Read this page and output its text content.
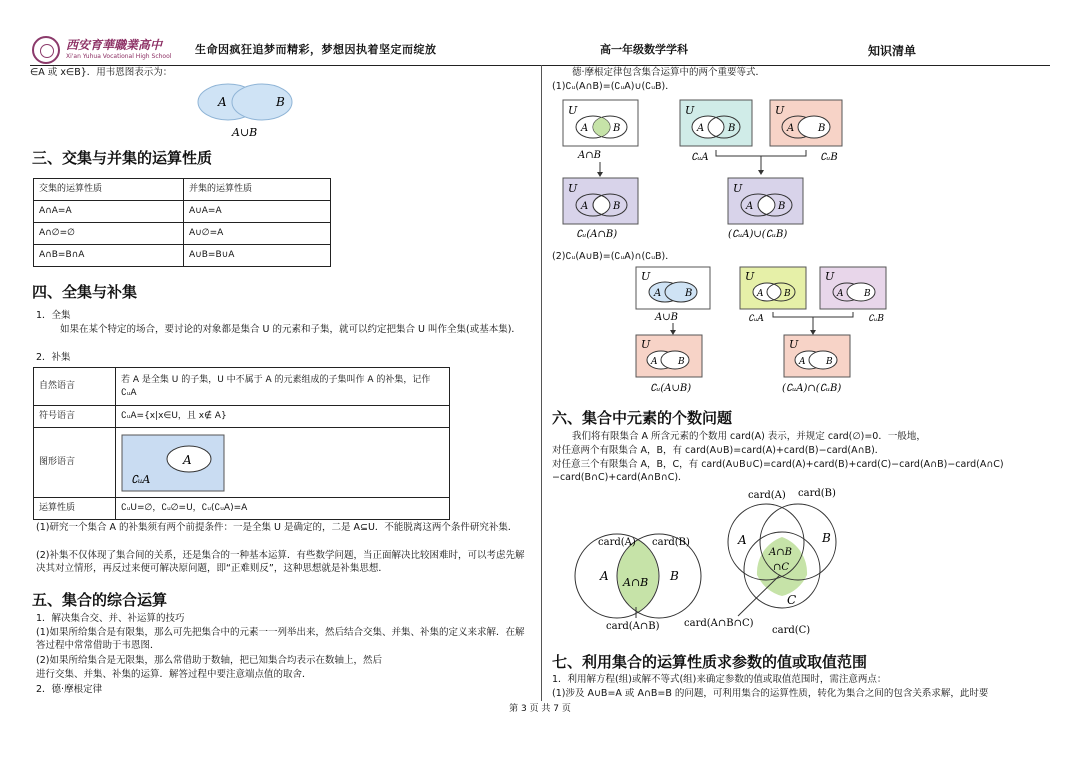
西安育華職業高中
Xi'an Yuhua Vocational High School
生命因疯狂追梦而精彩，梦想因执着坚定而绽放	高一年级数学学科	知识清单
∈A 或 x∈B}．用韦恩图表示为：
A	B
A∪B
三、交集与并集的运算性质
交集的运算性质	并集的运算性质
A∩A=A	A∪A=A
A∩∅=∅	A∪∅=A
A∩B=B∩A	A∪B=B∪A
四、全集与补集
1．全集
如果在某个特定的场合，要讨论的对象都是集合 U 的元素和子集，就可以约定把集合 U 叫作全集(或基本集)．
2．补集
自然语言	若 A 是全集 U 的子集，U 中不属于 A 的元素组成的子集叫作 A 的补集，记作∁ᵤA
符号语言	∁ᵤA={x|x∈U，且 x∉ A}
图形语言	A
∁ᵤA

运算性质	∁ᵤU=∅，∁ᵤ∅=U，∁ᵤ(∁ᵤA)=A
(1)研究一个集合 A 的补集须有两个前提条件：一是全集 U 是确定的，二是 A⊆U．不能脱离这两个条件研究补集．
(2)补集不仅体现了集合间的关系，还是集合的一种基本运算．有些数学问题，当正面解决比较困难时，可以考虑先解决其对立情形，再反过来便可解决原问题，即“正难则反”，这种思想就是补集思想．
五、集合的综合运算
1．解决集合交、并、补运算的技巧
(1)如果所给集合是有限集，那么可先把集合中的元素一一列举出来，然后结合交集、并集、补集的定义来求解．在解答过程中常常借助于韦恩图．
(2)如果所给集合是无限集，那么常借助于数轴，把已知集合均表示在数轴上，然后
进行交集、并集、补集的运算．解答过程中要注意端点值的取舍．
2．德·摩根定律
德·摩根定律包含集合运算中的两个重要等式．
(1)∁ᵤ(A∩B)=(∁ᵤA)∪(∁ᵤB)．
U
A B
A∩B
U
A B
∁ᵤ(A∩B)
U
A B
∁ᵤA
U
A B
∁ᵤB
U
A B
(∁ᵤA)∪(∁ᵤB)
(2)∁ᵤ(A∪B)=(∁ᵤA)∩(∁ᵤB)．
U
A B
A∪B
U
A B
∁ᵤ(A∪B)
U
A B
∁ᵤA
U
A B
∁ᵤB
U
A B
(∁ᵤA)∩(∁ᵤB)
六、集合中元素的个数问题
我们将有限集合 A 所含元素的个数用 card(A) 表示，并规定 card(∅)=0．一般地，
对任意两个有限集合 A，B，有 card(A∪B)=card(A)+card(B)−card(A∩B)．
对任意三个有限集合 A，B，C，有 card(A∪B∪C)=card(A)+card(B)+card(C)−card(A∩B)−card(A∩C)−card(B∩C)+card(A∩B∩C)．
card(A) card(B)
A	B
A∩B
card(A∩B)
card(A) card(B)
A	B
C
A∩B
∩C
card(A∩B∩C)
card(C)
七、利用集合的运算性质求参数的值或取值范围
1．利用解方程(组)或解不等式(组)来确定参数的值或取值范围时，需注意两点：
(1)涉及 A∪B=A 或 A∩B=B 的问题，可利用集合的运算性质，转化为集合之间的包含关系求解，此时要
第 3 页 共 7 页
